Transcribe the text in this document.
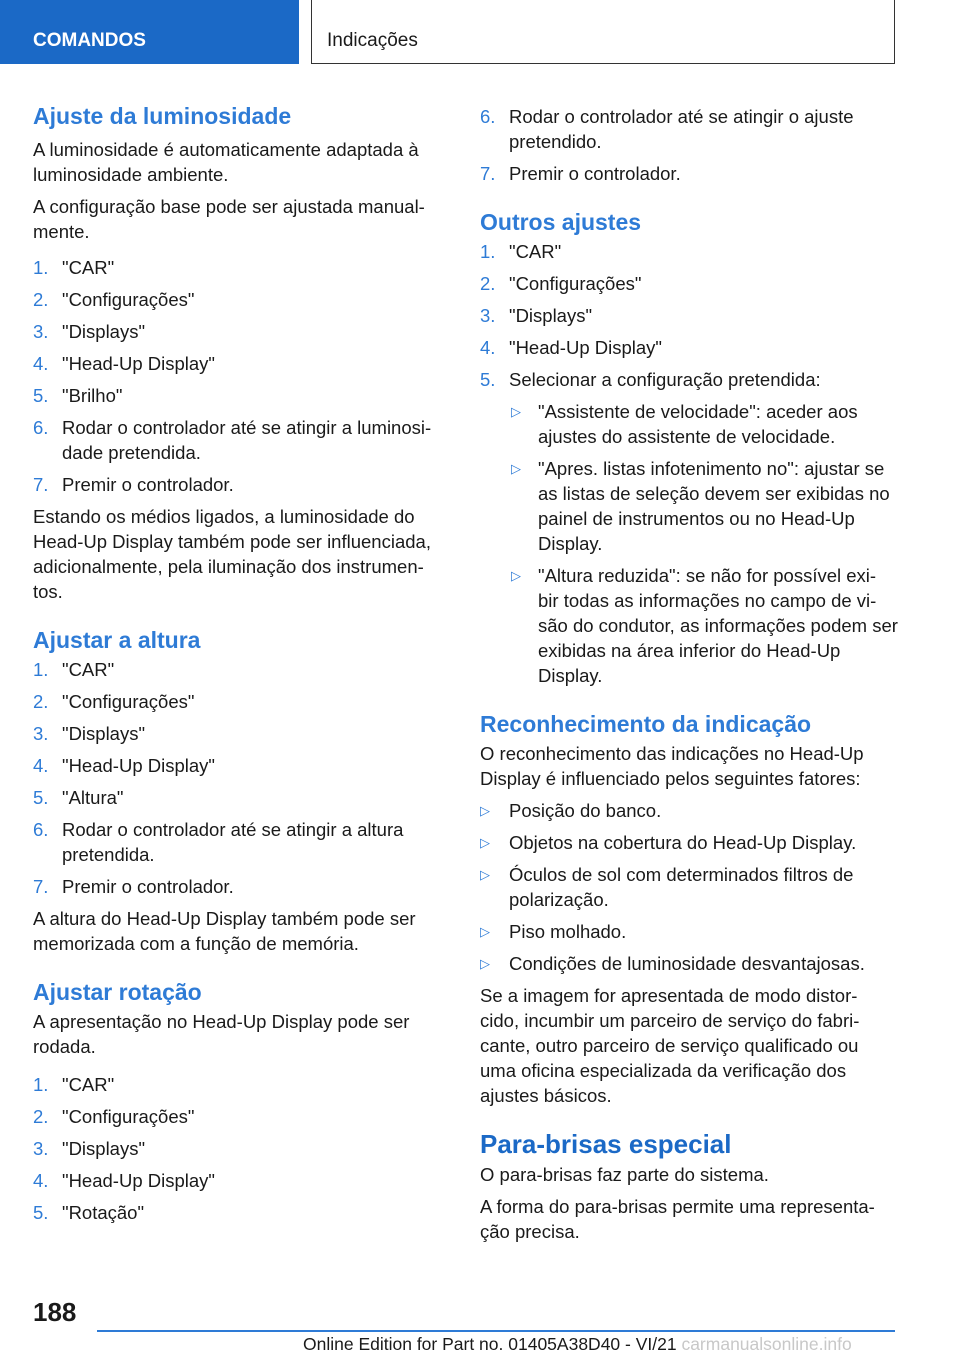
COMANDOS	Indicações
Ajuste da luminosidade

A luminosidade é automaticamente adaptada à luminosidade ambiente.

A configuração base pode ser ajustada manual‐ mente.

1. "CAR"
2. "Configurações"
3. "Displays"
4. "Head-Up Display"
5. "Brilho"
6. Rodar o controlador até se atingir a luminosi‐ dade pretendida.
7. Premir o controlador.

Estando os médios ligados, a luminosidade do Head-Up Display também pode ser influenciada, adicionalmente, pela iluminação dos instrumen‐ tos.

Ajustar a altura
1. "CAR"
2. "Configurações"
3. "Displays"
4. "Head-Up Display"
5. "Altura"
6. Rodar o controlador até se atingir a altura pretendida.
7. Premir o controlador.

A altura do Head-Up Display também pode ser memorizada com a função de memória.

Ajustar rotação

A apresentação no Head-Up Display pode ser rodada.

1. "CAR"
2. "Configurações"
3. "Displays"
4. "Head-Up Display"
5. "Rotação"
6. Rodar o controlador até se atingir o ajuste pretendido.
7. Premir o controlador.
Outros ajustes
1. "CAR"
2. "Configurações"
3. "Displays"
4. "Head-Up Display"
5. Selecionar a configuração pretendida:
▷ "Assistente de velocidade": aceder aos ajustes do assistente de velocidade.
▷ "Apres. listas infotenimento no": ajustar se as listas de seleção devem ser exibidas no painel de instrumentos ou no Head-Up Display.
▷ "Altura reduzida": se não for possível exi‐ bir todas as informações no campo de vi‐ são do condutor, as informações podem ser exibidas na área inferior do Head-Up Display.
Reconhecimento da indicação

O reconhecimento das indicações no Head-Up Display é influenciado pelos seguintes fatores:

▷ Posição do banco.
▷ Objetos na cobertura do Head-Up Display.
▷ Óculos de sol com determinados filtros de polarização.
▷ Piso molhado.
▷ Condições de luminosidade desvantajosas.

Se a imagem for apresentada de modo distor‐ cido, incumbir um parceiro de serviço do fabri‐ cante, outro parceiro de serviço qualificado ou uma oficina especializada da verificação dos ajustes básicos.

Para-brisas especial

O para-brisas faz parte do sistema.

A forma do para-brisas permite uma representa‐ ção precisa.

188
Online Edition for Part no. 01405A38D40 - VI/21 carmanualsonline.info
